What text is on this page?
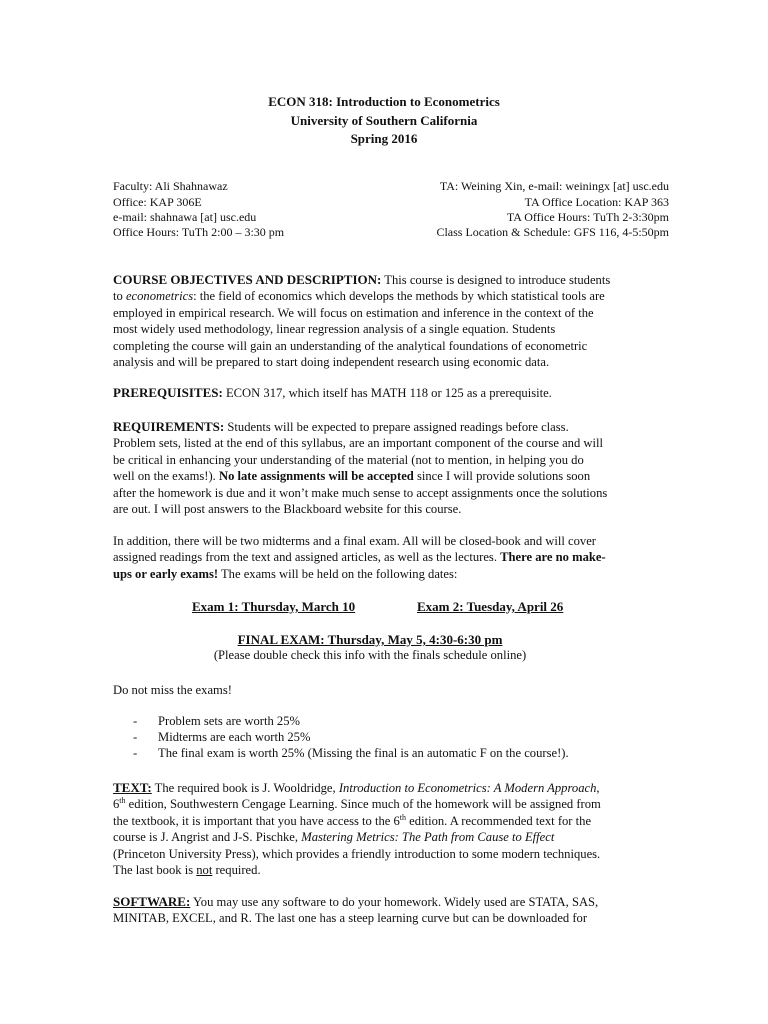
ECON 318: Introduction to Econometrics
University of Southern California
Spring 2016
Faculty: Ali Shahnawaz
Office: KAP 306E
e-mail: shahnawa [at] usc.edu
Office Hours: TuTh 2:00 – 3:30 pm
TA: Weining Xin, e-mail: weiningx [at] usc.edu
TA Office Location: KAP 363
TA Office Hours: TuTh 2-3:30pm
Class Location & Schedule: GFS 116, 4-5:50pm
COURSE OBJECTIVES AND DESCRIPTION: This course is designed to introduce students
to econometrics: the field of economics which develops the methods by which statistical tools are
employed in empirical research. We will focus on estimation and inference in the context of the
most widely used methodology, linear regression analysis of a single equation. Students
completing the course will gain an understanding of the analytical foundations of econometric
analysis and will be prepared to start doing independent research using economic data.
PREREQUISITES: ECON 317, which itself has MATH 118 or 125 as a prerequisite.
REQUIREMENTS: Students will be expected to prepare assigned readings before class.
Problem sets, listed at the end of this syllabus, are an important component of the course and will
be critical in enhancing your understanding of the material (not to mention, in helping you do
well on the exams!). No late assignments will be accepted since I will provide solutions soon
after the homework is due and it won’t make much sense to accept assignments once the solutions
are out. I will post answers to the Blackboard website for this course.
In addition, there will be two midterms and a final exam. All will be closed-book and will cover
assigned readings from the text and assigned articles, as well as the lectures. There are no make-
ups or early exams! The exams will be held on the following dates:
Exam 1: Thursday, March 10	Exam 2: Tuesday, April 26
FINAL EXAM: Thursday, May 5, 4:30-6:30 pm
(Please double check this info with the finals schedule online)
Do not miss the exams!
- Problem sets are worth 25%
- Midterms are each worth 25%
- The final exam is worth 25% (Missing the final is an automatic F on the course!).
TEXT: The required book is J. Wooldridge, Introduction to Econometrics: A Modern Approach,
6th edition, Southwestern Cengage Learning. Since much of the homework will be assigned from
the textbook, it is important that you have access to the 6th edition. A recommended text for the
course is J. Angrist and J-S. Pischke, Mastering Metrics: The Path from Cause to Effect
(Princeton University Press), which provides a friendly introduction to some modern techniques.
The last book is not required.
SOFTWARE: You may use any software to do your homework. Widely used are STATA, SAS,
MINITAB, EXCEL, and R. The last one has a steep learning curve but can be downloaded for
